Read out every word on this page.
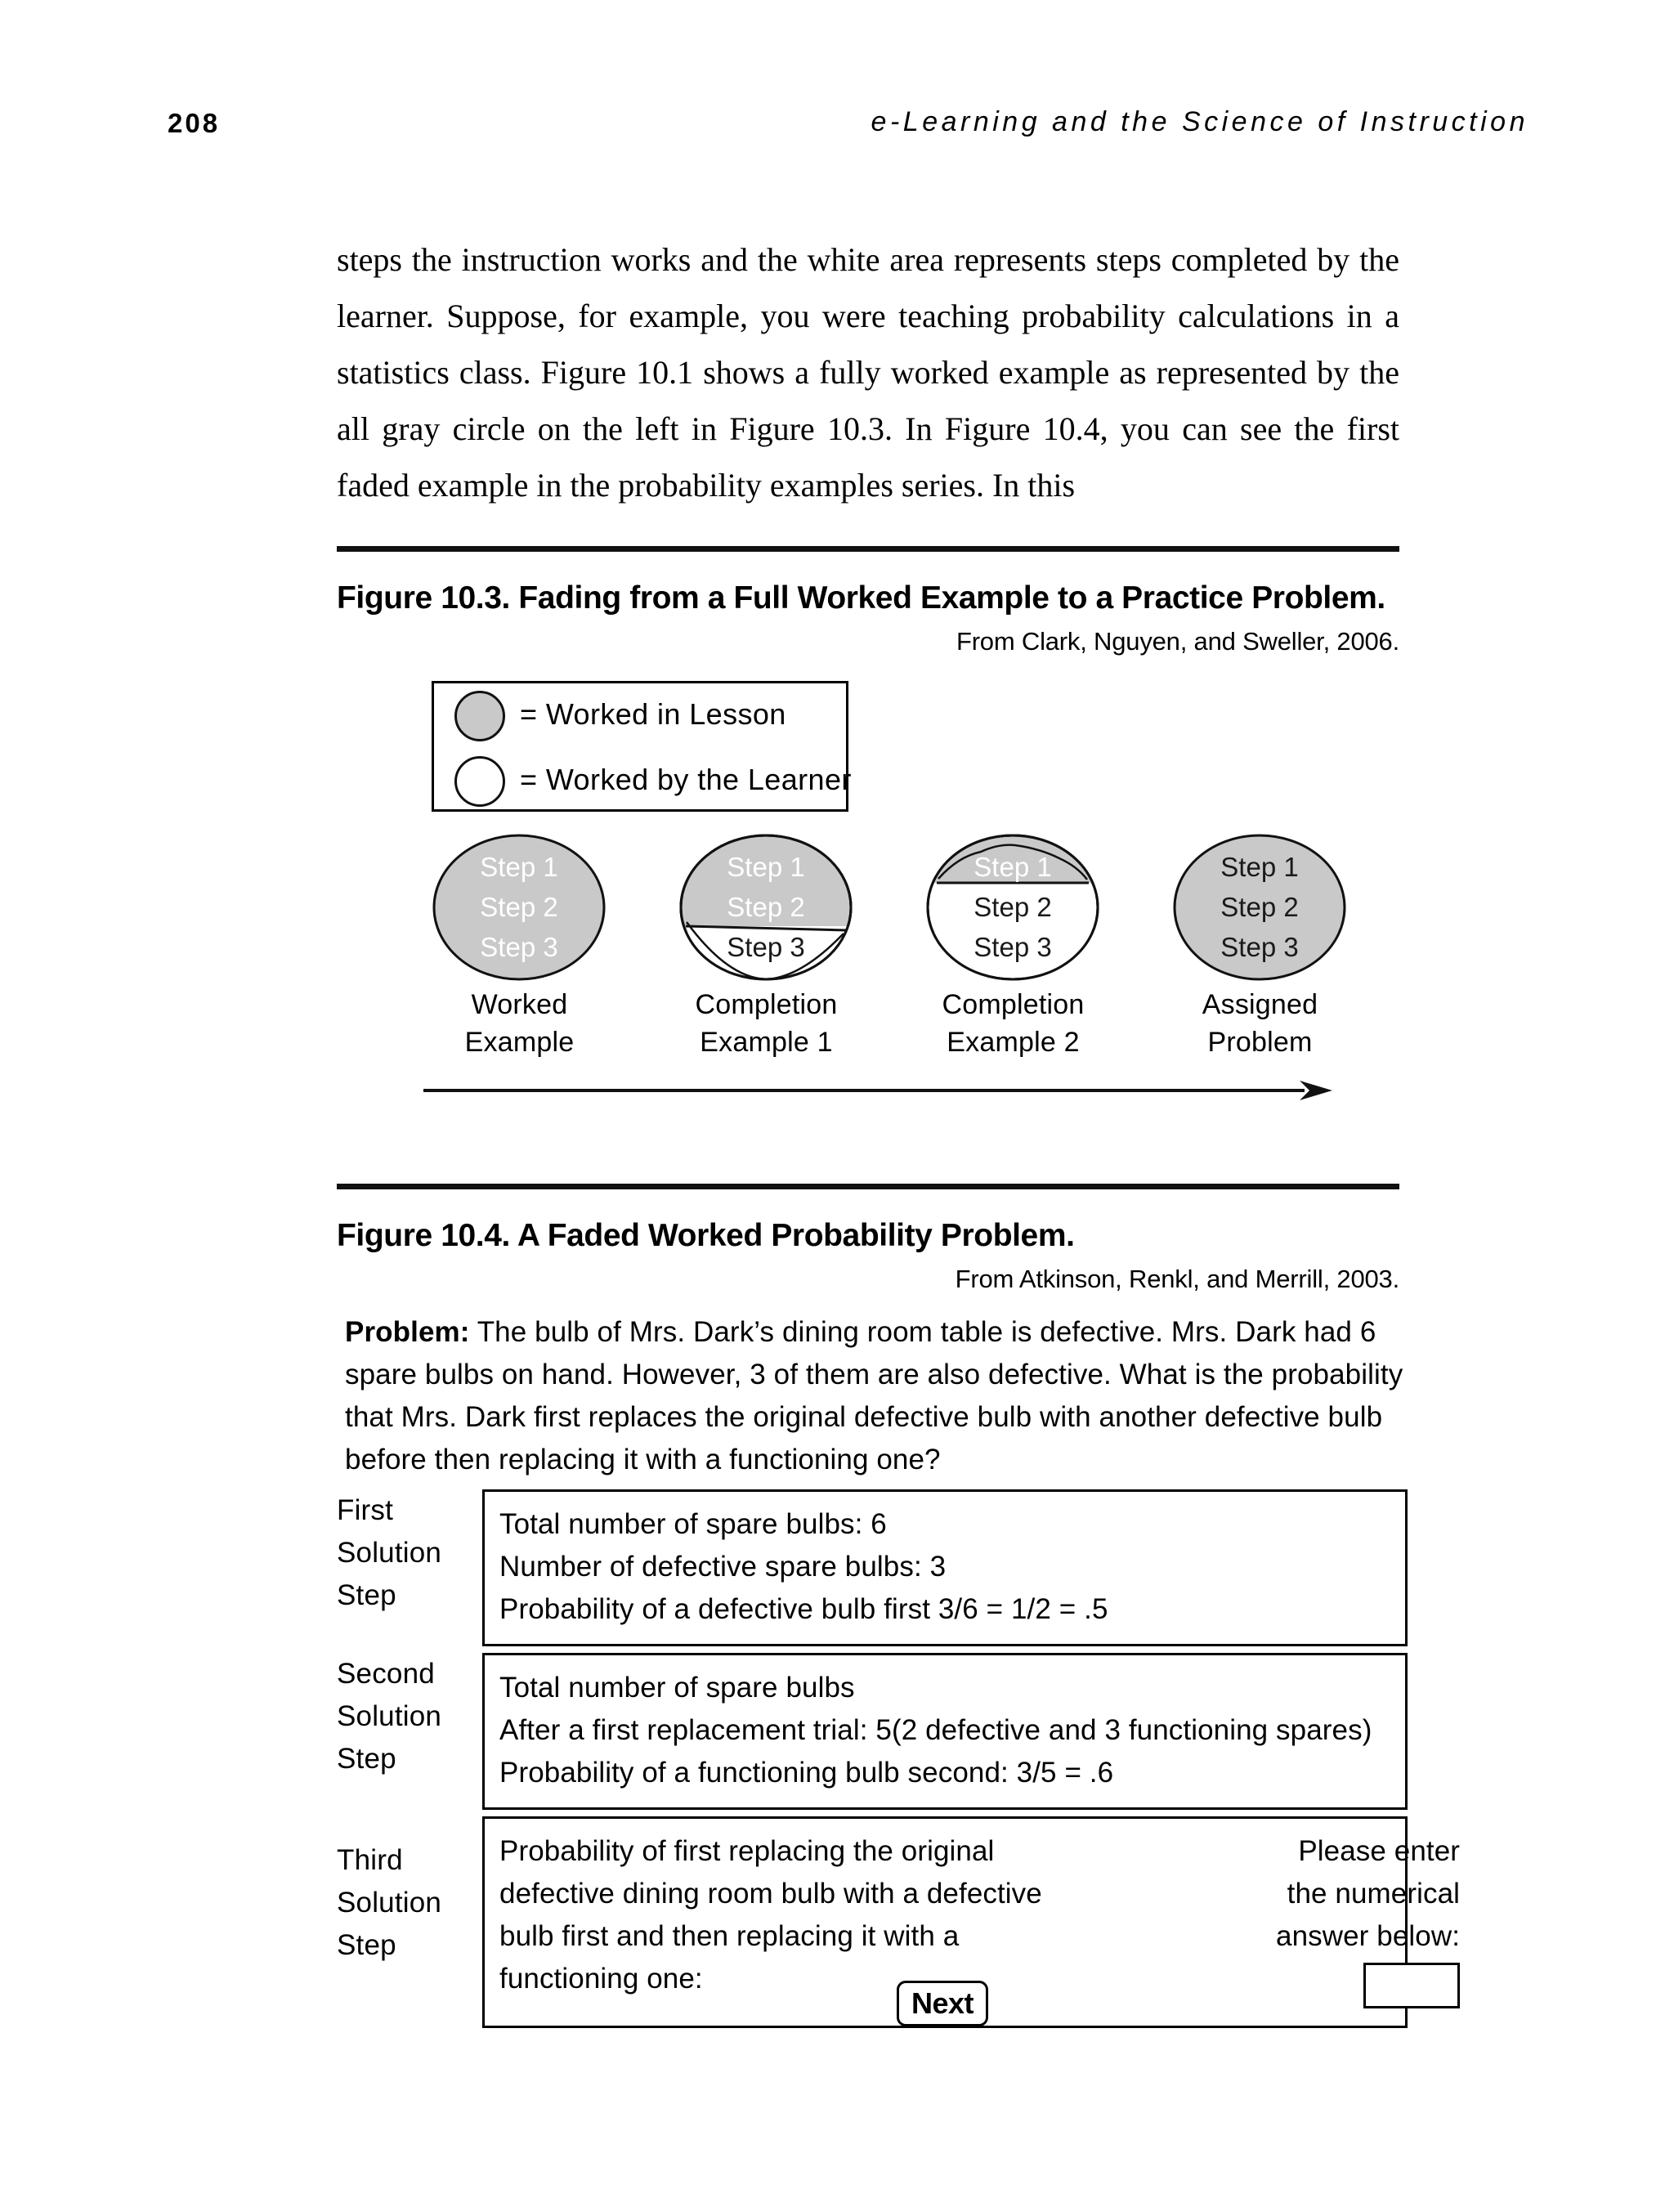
208	e-Learning and the Science of Instruction

steps the instruction works and the white area represents steps completed by the learner. Suppose, for example, you were teaching probability calculations in a statistics class. Figure 10.1 shows a fully worked example as represented by the all gray circle on the left in Figure 10.3. In Figure 10.4, you can see the first faded example in the probability examples series. In this

Figure 10.3. Fading from a Full Worked Example to a Practice Problem.
From Clark, Nguyen, and Sweller, 2006.
= Worked in Lesson
= Worked by the Learner
Step 1
Step 2
Step 3
Worked
Example
Step 1
Step 2
Step 3
Completion
Example 1
Step 1
Step 2
Step 3
Completion
Example 2
Step 1
Step 2
Step 3
Assigned
Problem
Figure 10.4. A Faded Worked Probability Problem.
From Atkinson, Renkl, and Merrill, 2003.
Problem: The bulb of Mrs. Dark’s dining room table is defective. Mrs. Dark had 6 spare bulbs on hand. However, 3 of them are also defective. What is the probability that Mrs. Dark first replaces the original defective bulb with another defective bulb before then replacing it with a functioning one?
First
Solution
Step
Total number of spare bulbs: 6
Number of defective spare bulbs: 3
Probability of a defective bulb first 3/6 = 1/2 = .5
Second
Solution
Step
Total number of spare bulbs
After a first replacement trial: 5(2 defective and 3 functioning spares)
Probability of a functioning bulb second: 3/5 = .6
Third
Solution
Step
Probability of first replacing the original
defective dining room bulb with a defective
bulb first and then replacing it with a
functioning one:
Please enter
the numerical
answer below:
Next
